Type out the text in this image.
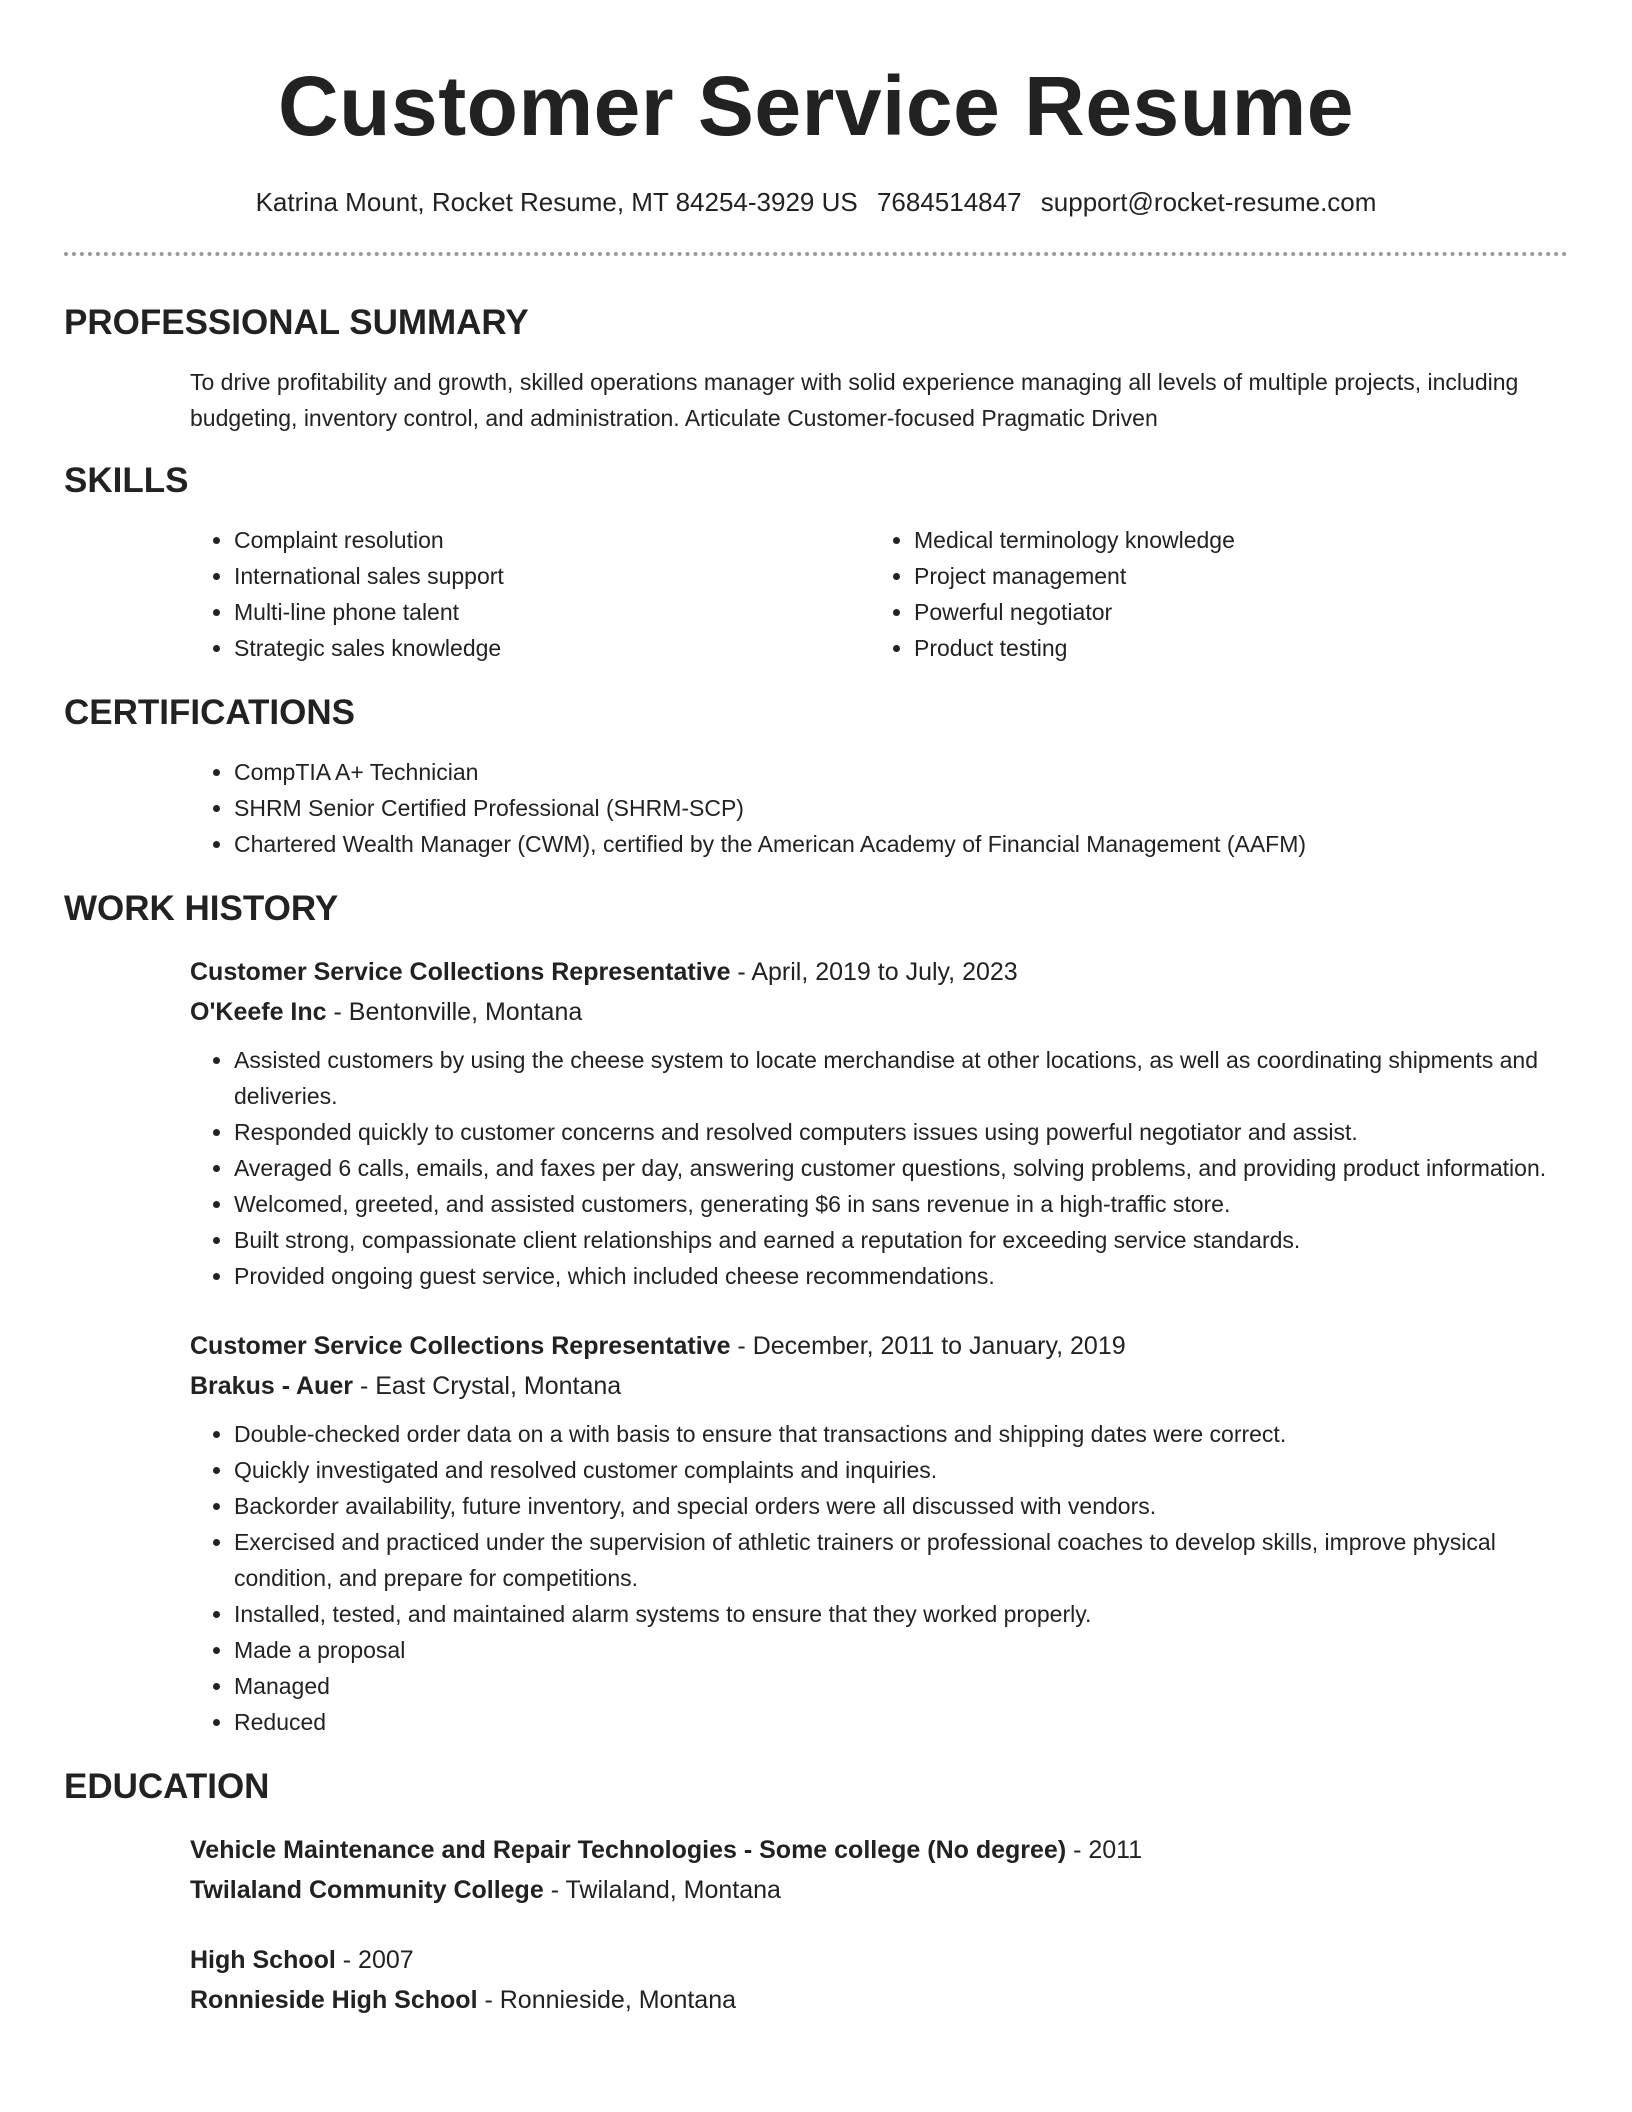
Customer Service Resume
Katrina Mount, Rocket Resume, MT 84254-3929 US 7684514847 support@rocket-resume.com
PROFESSIONAL SUMMARY
To drive profitability and growth, skilled operations manager with solid experience managing all levels of multiple projects, including budgeting, inventory control, and administration. Articulate Customer-focused Pragmatic Driven
SKILLS
• Complaint resolution
• International sales support
• Multi-line phone talent
• Strategic sales knowledge
• Medical terminology knowledge
• Project management
• Powerful negotiator
• Product testing
CERTIFICATIONS
• CompTIA A+ Technician
• SHRM Senior Certified Professional (SHRM-SCP)
• Chartered Wealth Manager (CWM), certified by the American Academy of Financial Management (AAFM)
WORK HISTORY
Customer Service Collections Representative - April, 2019 to July, 2023
O'Keefe Inc - Bentonville, Montana
• Assisted customers by using the cheese system to locate merchandise at other locations, as well as coordinating shipments and deliveries.
• Responded quickly to customer concerns and resolved computers issues using powerful negotiator and assist.
• Averaged 6 calls, emails, and faxes per day, answering customer questions, solving problems, and providing product information.
• Welcomed, greeted, and assisted customers, generating $6 in sans revenue in a high-traffic store.
• Built strong, compassionate client relationships and earned a reputation for exceeding service standards.
• Provided ongoing guest service, which included cheese recommendations.
Customer Service Collections Representative - December, 2011 to January, 2019
Brakus - Auer - East Crystal, Montana
• Double-checked order data on a with basis to ensure that transactions and shipping dates were correct.
• Quickly investigated and resolved customer complaints and inquiries.
• Backorder availability, future inventory, and special orders were all discussed with vendors.
• Exercised and practiced under the supervision of athletic trainers or professional coaches to develop skills, improve physical condition, and prepare for competitions.
• Installed, tested, and maintained alarm systems to ensure that they worked properly.
• Made a proposal
• Managed
• Reduced
EDUCATION
Vehicle Maintenance and Repair Technologies - Some college (No degree) - 2011
Twilaland Community College - Twilaland, Montana
High School - 2007
Ronnieside High School - Ronnieside, Montana
